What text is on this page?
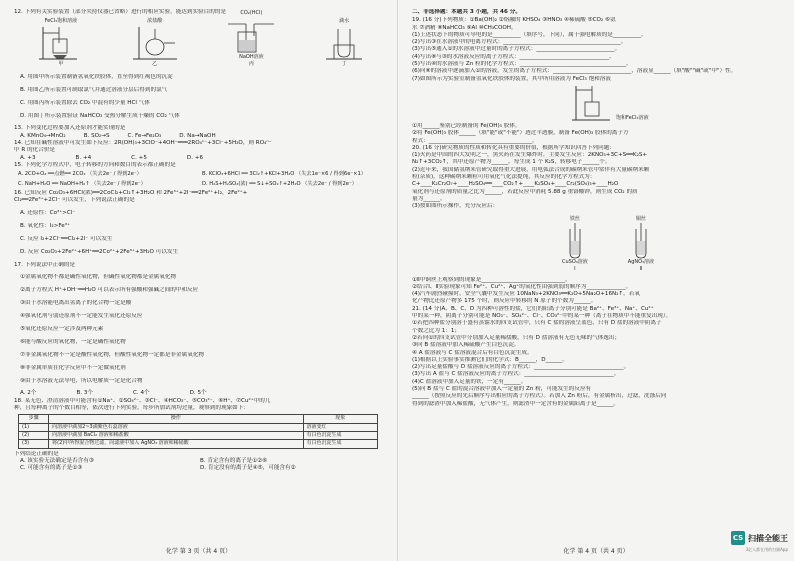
12. 下列有关实验装置（部分夹持仪器已省略）进行的相应实验，能达到实验目的的是

FeCl₃饱和溶液
甲
浓盐酸
乙
CO₂(HCl)
NaOH溶液
丙
滴水
丁

A. 用图甲所示装置制备氢氧化铁胶体，直至得到红褐色的沉淀

B. 用图乙所示装置可制取氯气并通过溶液分层后得到的氯气

C. 用图丙所示装置除去 CO₂ 中混有的少量 HCl 气体

D. 用图丁所示装置验证 NaHCO₃ 受热分解生成干燥的 CO₂ 气体

13. 下列变化过程要加入还原剂才能实现的是

A. KMnO₄→MnO₂	B. SO₂→S	C. Fe→Fe₂O₃	D. Na→NaOH

14. 已知在碱性溶液中可发生如下反应：2R(OH)₃+3ClO⁻+4OH⁻═══2RO₄ⁿ⁻+3Cl⁻+5H₂O，则 RO₄ⁿ⁻

中 R 的化合价是

A. +3	B. +4	C. +5	D. +6

15. 下列化学方程式中，电子转移的方向和数目的表示都正确的是

A. 2CO+O₂ ══点燃══ 2CO₂ （失去2e⁻ / 得到2e⁻）	B. KClO₃+6HCl ══ 3Cl₂↑+KCl+3H₂O （失去1e⁻×6 / 得到6e⁻×1）
C. NaH+H₂O ══ NaOH+H₂↑ （失去2e⁻ / 得到2e⁻）	D. H₂S+H₂SO₄(浓) ══ S↓+SO₂↑+2H₂O （失去2e⁻ / 得到2e⁻）

16. 已知反应 Co₂O₃+6HCl(浓)══2CoCl₂+Cl₂↑+3H₂O 和 2Fe³⁺+2I⁻══2Fe²⁺+I₂，2Fe²⁺+

Cl₂══2Fe³⁺+2Cl⁻ 可以发生，下列说法正确的是

A. 还原性：Co³⁺>Cl⁻

B. 氧化性：I₂>Fe³⁺

C. 反应 I₂+2Cl⁻══Cl₂+2I⁻ 可以发生

D. 反应 Co₂O₃+2Fe²⁺+6H⁺══2Co²⁺+2Fe³⁺+3H₂O 可以发生

17. 下列说法中正确的是

①金属氧化物不都是碱性氧化物，但碱性氧化物都是金属氧化物

②离子方程式 H⁺+OH⁻══H₂O 可以表示所有强酸和强碱之间的中和反应

③由于水溶能电离出氢离子的化合物一定是酸

④强氧化剂与弱还原剂不一定能发生氧化还原反应

⑤氧化还原反应一定涉及两种元素

⑥能与酸反应的氧化物，一定是碱性氧化物

⑦非金属氧化物不一定是酸性氧化物，但酸性氧化物一定都是非金属氧化物

⑧非金属单质在化学反应中不一定做氧化剂

⑨由于水溶液无法导电，所以电解质一定是化合物

A. 2个	B. 3个	C. 4个	D. 5个

18. 某无色、澄清溶液中可能含有①Na⁺、②SO₄²⁻、③Cl⁻、④HCO₃⁻、⑤CO₃²⁻、⑥H⁺、⑦Cu²⁺中的几

种，且每种离子的个数目相等，依次进行下列实验，每步所加试剂均过量，观察到的现象如下：

步骤	操作	现象
(1)	向溶液中滴加2~3滴紫色石蕊溶液	溶液变红
(2)	向溶液中滴加 BaCl₂ 溶液和稀盐酸	有白色沉淀生成
(3)	将(2)中所得混合物过滤，向滤液中加入 AgNO₃ 溶液和稀硝酸	有白色沉淀生成

下列结论正确的是

A. 该实验无法确定是否含有③	B. 肯定含有的离子是①②⑥
C. 可能含有的离子是①③	D. 肯定没有的离子是④⑤，可能含有②
化学 第 3 页（共 4 页）

二、非选择题：本题共 3 小题，共 46 分。

19. (16 分)下列物质：①Ba(OH)₂ ②熔融的 KHSO₄ ③HNO₃ ④稀硫酸 ⑤CO₂ ⑥氨

水 ⑦酒精 ⑧NaHCO₃ ⑨Al ⑩CH₃COOH。

(1)上述状态下的物质可导电的是__________（填序号，下同），属于强电解质的是__________。

(2)写出③在水溶液中的电离方程式：__________________________________________。

(3)写出⑤通入①的水溶液中过量时的离子方程式：____________________________。

(4)写出⑧与③的水溶液反应的离子方程式：________________________________。

(5)写出④的水溶液与 Zn 粒的化学方程式：______________________________________。

(6)向⑧的溶液中逐滴加入①的溶液，发生的离子方程式：____________________________，溶液显______（填"酸""碱"或"中"）性。

(7)如图所示为实验室制备氢氧化铁胶体的装置，其中所用溶液为 FeCl₃ 饱和溶液

饱和FeCl₃溶液

①用______鉴别已经制备的 Fe(OH)₃ 胶体。

②将 Fe(OH)₃ 胶体______（填"能"或"不能"）透过半透膜，制备 Fe(OH)₃ 胶体的离子方

程式：_____________________________________。

20. (16 分)研究物质的性质和转化具有重要的价值，根据所学知识回答下列问题：

(1)火药是中国的四大发明之一，黑火药在发生爆炸时，主要发生反应：2KNO₃+3C+S══K₂S+

N₂↑+3CO₂↑，其中还原产物为______，每生成 1 个 K₂S，转移电子______个。

(2)近年来，我国储氢纳米管研究取得重大进展，用电弧法合成的碳纳米管中常伴有大量碳纳米颗

粒(杂质)，这种碳纳米颗粒可用氧化气化法提纯，其反应的化学方程式为：

C+____K₂Cr₂O₇+____H₂SO₄══____CO₂↑+____K₂SO₄+____Cr₂(SO₄)₃+____H₂O

氧化剂与还原剂的质量之比为______，若此反应中消耗 5.88 g 重铬酸钾，则生成 CO₂ 的质

量为______。

(3)按如图所示操作，充分反应后：

铁丝
CuSO₄溶液
Ⅰ
铜丝
AgNO₃溶液
Ⅱ

①Ⅱ中铜丝上观察到的现象是______________________________。

②结合Ⅰ、Ⅱ实验现象可知 Fe²⁺、Cu²⁺、Ag⁺的氧化性由强到弱的顺序为______________。

(4)汽车剧烈碰撞时，安全气囊中发生反应 10NaN₃+2KNO₃══K₂O+5Na₂O+16N₂↑，若氧

化产物比还原产物多 175 个时，则反应中转移的 N 原子的个数为______。

21. (14 分)A、B、C、D 为四种可溶性的盐，它们的阳离子分别可能是 Ba²⁺、Fe³⁺、Na⁺、Cu²⁺

中的某一种，阴离子分别可能是 NO₃⁻、SO₄²⁻、Cl⁻、CO₃²⁻中的某一种（离子在物质中不能重复出现）。

①若把四种盐分别溶于盛有蒸馏水的四支试管中，只有 C 盐的溶液呈蓝色，只有 D 盐的溶液中阴离子

个数之比为 1：1；

②若向①的四支试管中分别加入足量稀盐酸，只有 D 盐溶液有无色无味的气体逸出；

③向 B 盐溶液中加入稀硫酸产生白色沉淀。

④ A 盐溶液与 C 盐溶液混合后有白色沉淀生成。

(1)根据以上实验事实推测它们的化学式：B______，D______。

(2)写出足量盐酸与 D 盐溶液反应的离子方程式：________________________________。

(3)写出 A 盐与 C 盐溶液反应的离子方程式：________________________________。

(4)C 盐溶液中加入足量的铁，一定有______。

(5)向 B 盐与 C 盐的混合溶液中加入一定量的 Zn 粉，可能发生的反应有

______（按照反应的先后顺序写出相应的离子方程式）。若加入 Zn 粉后，有金属析出，过滤，洗涤后向

得到的滤渣中加入稀盐酸，无气体产生，则滤渣中一定含有的金属阳离子是______。

化学 第 4 页（共 4 页）
CS 扫描全能王
3亿人都在用的扫描App
